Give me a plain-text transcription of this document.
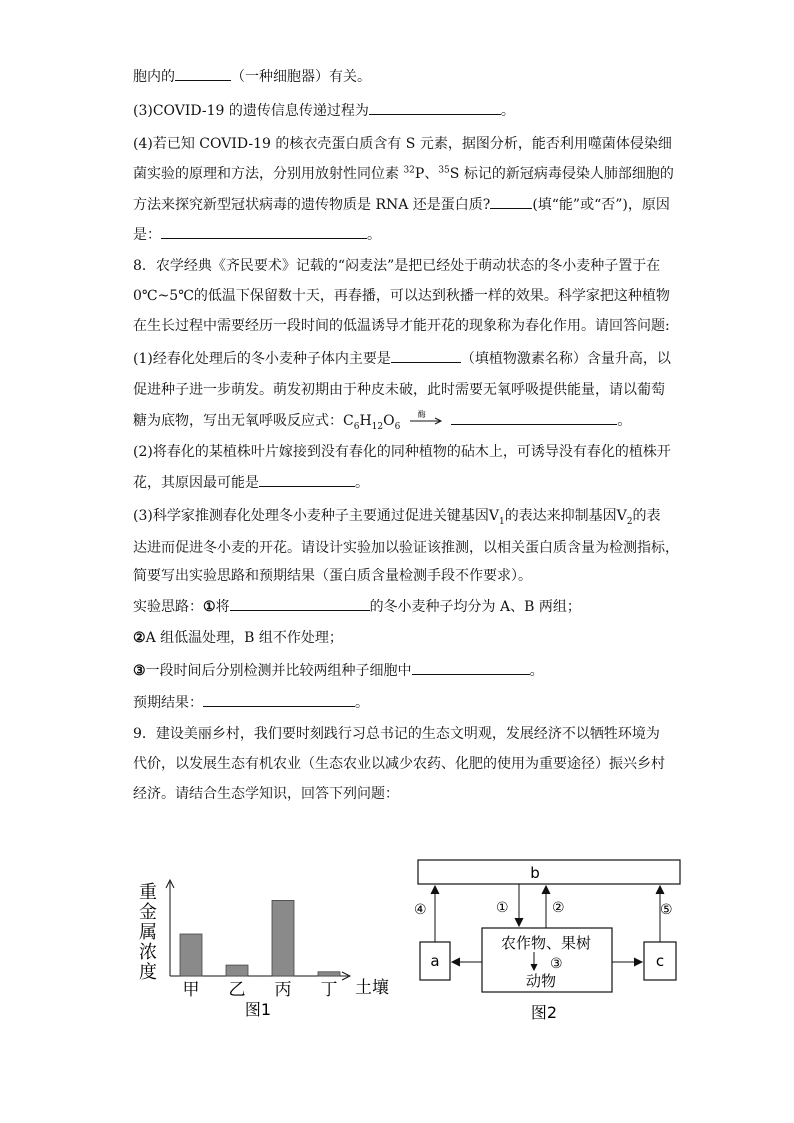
胞内的	（一种细胞器）有关。
(3)COVID-19 的遗传信息传递过程为	。
(4)若已知 COVID-19 的核衣壳蛋白质含有 S 元素，据图分析，能否利用噬菌体侵染细
菌实验的原理和方法，分别用放射性同位素 $^{32}$P、$^{35}$S 标记的新冠病毒侵染人肺部细胞的
方法来探究新型冠状病毒的遗传物质是 RNA 还是蛋白质?	(填“能”或“否”)，原因
是：	。
8．农学经典《齐民要术》记载的“闷麦法”是把已经处于萌动状态的冬小麦种子置于在
0℃~5℃的低温下保留数十天，再春播，可以达到秋播一样的效果。科学家把这种植物
在生长过程中需要经历一段时间的低温诱导才能开花的现象称为春化作用。请回答问题:
(1)经春化处理后的冬小麦种子体内主要是	（填植物激素名称）含量升高，以
促进种子进一步萌发。萌发初期由于种皮未破，此时需要无氧呼吸提供能量，请以葡萄
糖为底物，写出无氧呼吸反应式：$C_6H_{12}O_6$
酶	。
(2)将春化的某植株叶片嫁接到没有春化的同种植物的砧木上，可诱导没有春化的植株开
花，其原因最可能是	。
(3)科学家推测春化处理冬小麦种子主要通过促进关键基因$V_1$的表达来抑制基因$V_2$的表
达进而促进冬小麦的开花。请设计实验加以验证该推测，以相关蛋白质含量为检测指标，
简要写出实验思路和预期结果（蛋白质含量检测手段不作要求）。
实验思路：①将	的冬小麦种子均分为 A、B 两组；
②A 组低温处理，B 组不作处理；
③一段时间后分别检测并比较两组种子细胞中	。
预期结果：	。
9．建设美丽乡村，我们要时刻践行习总书记的生态文明观，发展经济不以牺牲环境为
代价，以发展生态有机农业（生态农业以减少农药、化肥的使用为重要途径）振兴乡村
经济。请结合生态学知识，回答下列问题：
重
金
属
浓
度
甲 乙 丙 丁 土壤
图1
b
a	c
农作物、果树
动物
④	①	②	⑤
③
图2
